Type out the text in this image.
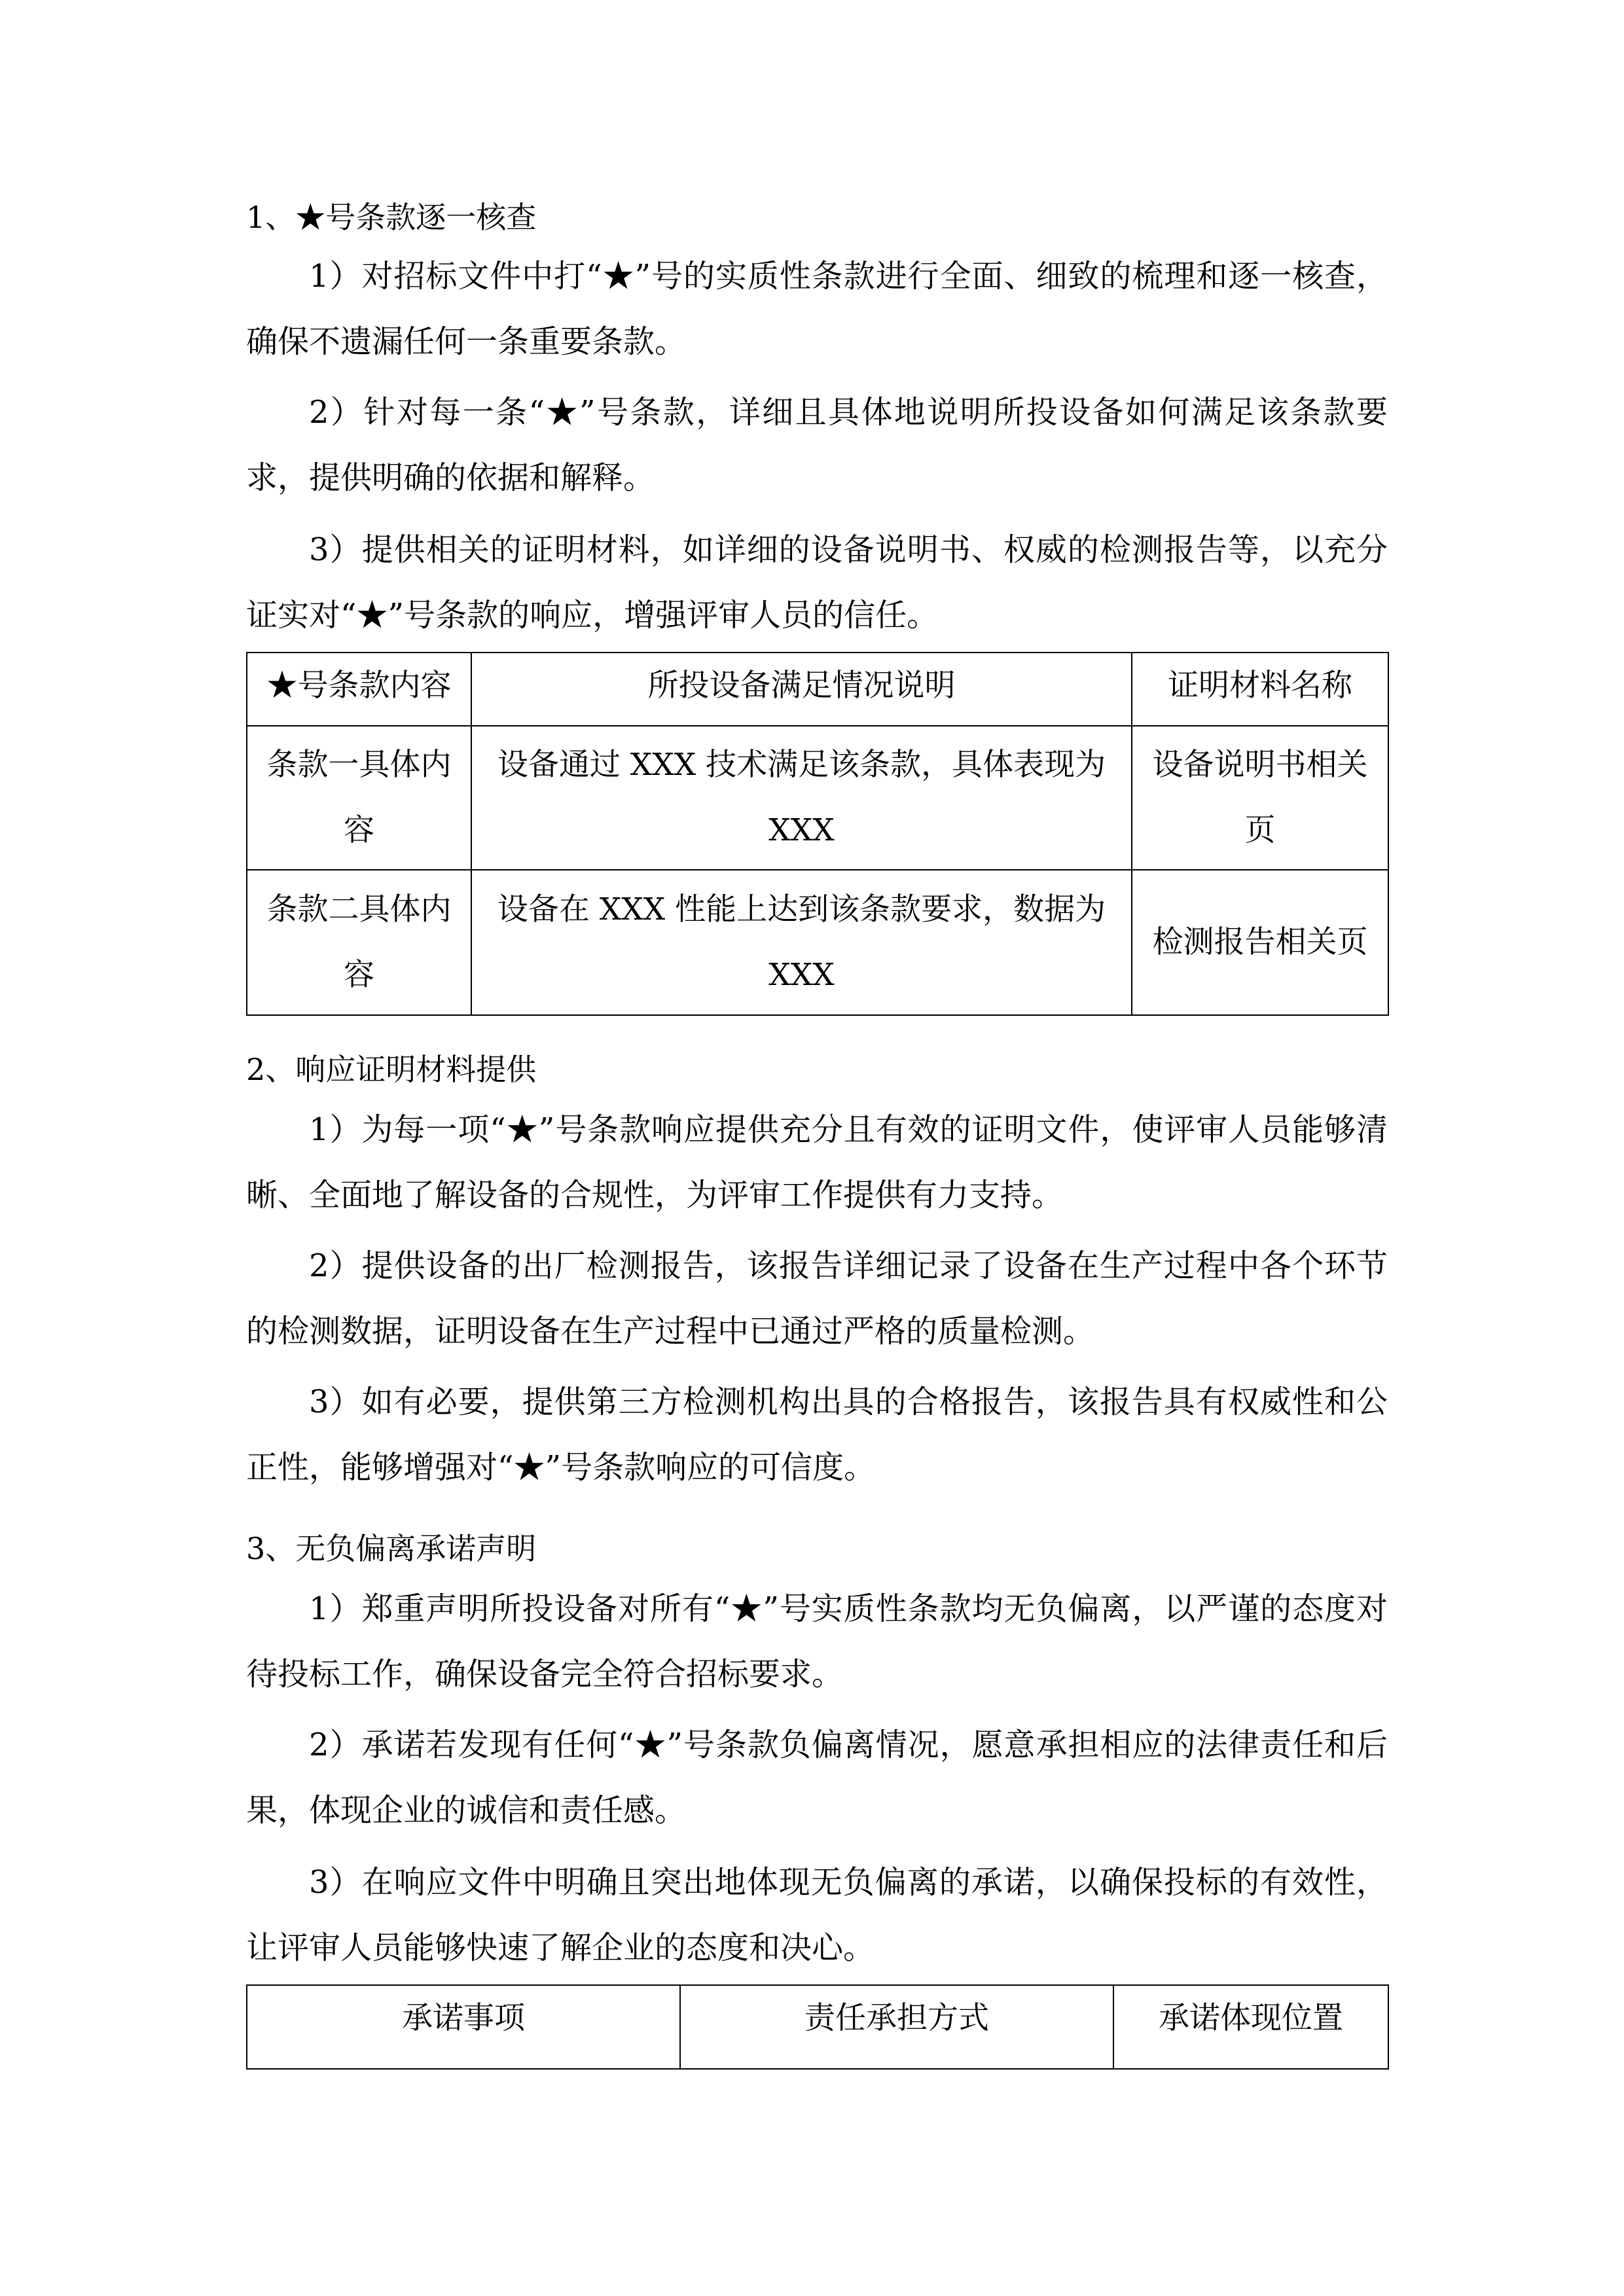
1、★号条款逐一核查
1）对招标文件中打“★”号的实质性条款进行全面、细致的梳理和逐一核查，确保不遗漏任何一条重要条款。
2）针对每一条“★”号条款，详细且具体地说明所投设备如何满足该条款要求，提供明确的依据和解释。
3）提供相关的证明材料，如详细的设备说明书、权威的检测报告等，以充分证实对“★”号条款的响应，增强评审人员的信任。
★号条款内容	所投设备满足情况说明	证明材料名称
条款一具体内容	设备通过 XXX 技术满足该条款，具体表现为 XXX	设备说明书相关页
条款二具体内容	设备在 XXX 性能上达到该条款要求，数据为 XXX	检测报告相关页
2、响应证明材料提供
1）为每一项“★”号条款响应提供充分且有效的证明文件，使评审人员能够清晰、全面地了解设备的合规性，为评审工作提供有力支持。
2）提供设备的出厂检测报告，该报告详细记录了设备在生产过程中各个环节的检测数据，证明设备在生产过程中已通过严格的质量检测。
3）如有必要，提供第三方检测机构出具的合格报告，该报告具有权威性和公正性，能够增强对“★”号条款响应的可信度。
3、无负偏离承诺声明
1）郑重声明所投设备对所有“★”号实质性条款均无负偏离，以严谨的态度对待投标工作，确保设备完全符合招标要求。
2）承诺若发现有任何“★”号条款负偏离情况，愿意承担相应的法律责任和后果，体现企业的诚信和责任感。
3）在响应文件中明确且突出地体现无负偏离的承诺，以确保投标的有效性，让评审人员能够快速了解企业的态度和决心。
承诺事项	责任承担方式	承诺体现位置
